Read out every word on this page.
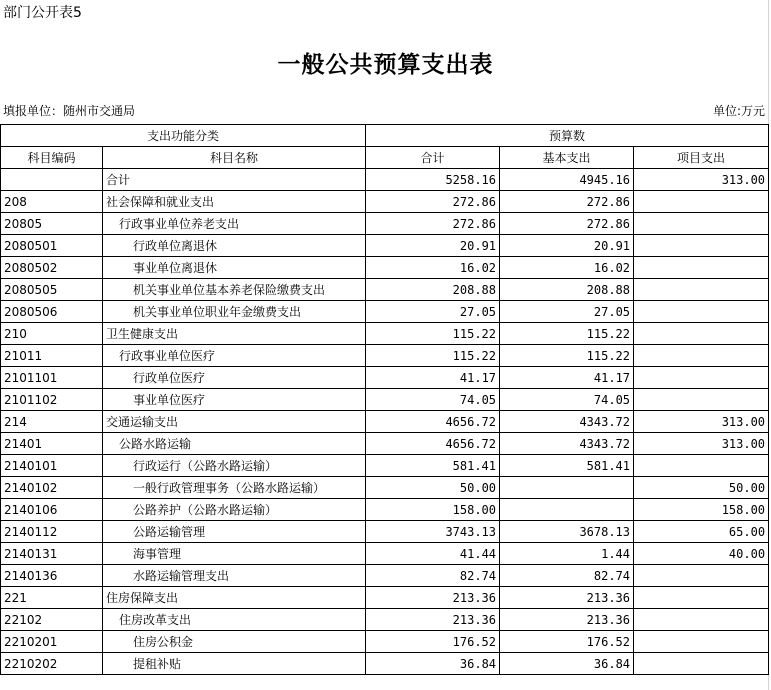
部门公开表5
一般公共预算支出表
填报单位：随州市交通局	单位:万元
支出功能分类		预算数		
科目编码	科目名称	合计	基本支出	项目支出
	合计	5258.16	4945.16	313.00
208	社会保障和就业支出	272.86	272.86	
20805	行政事业单位养老支出	272.86	272.86	
2080501	行政单位离退休	20.91	20.91	
2080502	事业单位离退休	16.02	16.02	
2080505	机关事业单位基本养老保险缴费支出	208.88	208.88	
2080506	机关事业单位职业年金缴费支出	27.05	27.05	
210	卫生健康支出	115.22	115.22	
21011	行政事业单位医疗	115.22	115.22	
2101101	行政单位医疗	41.17	41.17	
2101102	事业单位医疗	74.05	74.05	
214	交通运输支出	4656.72	4343.72	313.00
21401	公路水路运输	4656.72	4343.72	313.00
2140101	行政运行（公路水路运输）	581.41	581.41	
2140102	一般行政管理事务（公路水路运输）	50.00		50.00
2140106	公路养护（公路水路运输）	158.00		158.00
2140112	公路运输管理	3743.13	3678.13	65.00
2140131	海事管理	41.44	1.44	40.00
2140136	水路运输管理支出	82.74	82.74	
221	住房保障支出	213.36	213.36	
22102	住房改革支出	213.36	213.36	
2210201	住房公积金	176.52	176.52	
2210202	提租补贴	36.84	36.84	
